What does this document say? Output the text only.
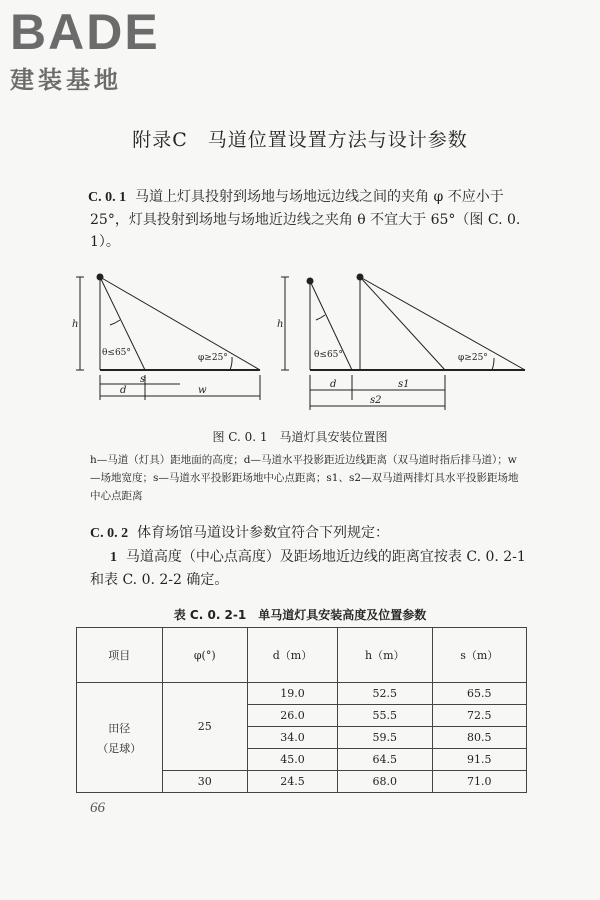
BADE
建装基地
附录C　马道位置设置方法与设计参数
C. 0. 1 马道上灯具投射到场地与场地远边线之间的夹角 φ 不应小于 25°，灯具投射到场地与场地近边线之夹角 θ 不宜大于 65°（图 C. 0. 1）。
h
θ≤65°	φ≥25°
s
d	w
h
θ≤65°	φ≥25°
d	s1
s2
图 C. 0. 1　马道灯具安装位置图
h—马道（灯具）距地面的高度；d—马道水平投影距近边线距离（双马道时指后排马道）；w—场地宽度；s—马道水平投影距场地中心点距离；s1、s2—双马道两排灯具水平投影距场地中心点距离
C. 0. 2 体育场馆马道设计参数宜符合下列规定：
1 马道高度（中心点高度）及距场地近边线的距离宜按表 C. 0. 2-1 和表 C. 0. 2-2 确定。
表 C. 0. 2-1　单马道灯具安装高度及位置参数
项目	φ(°)	d（m）	h（m）	s（m）

田径
（足球）	25	19.0	52.5	65.5
		26.0	55.5	72.5
		34.0	59.5	80.5
		45.0	64.5	91.5
	30	24.5	68.0	71.0
66
